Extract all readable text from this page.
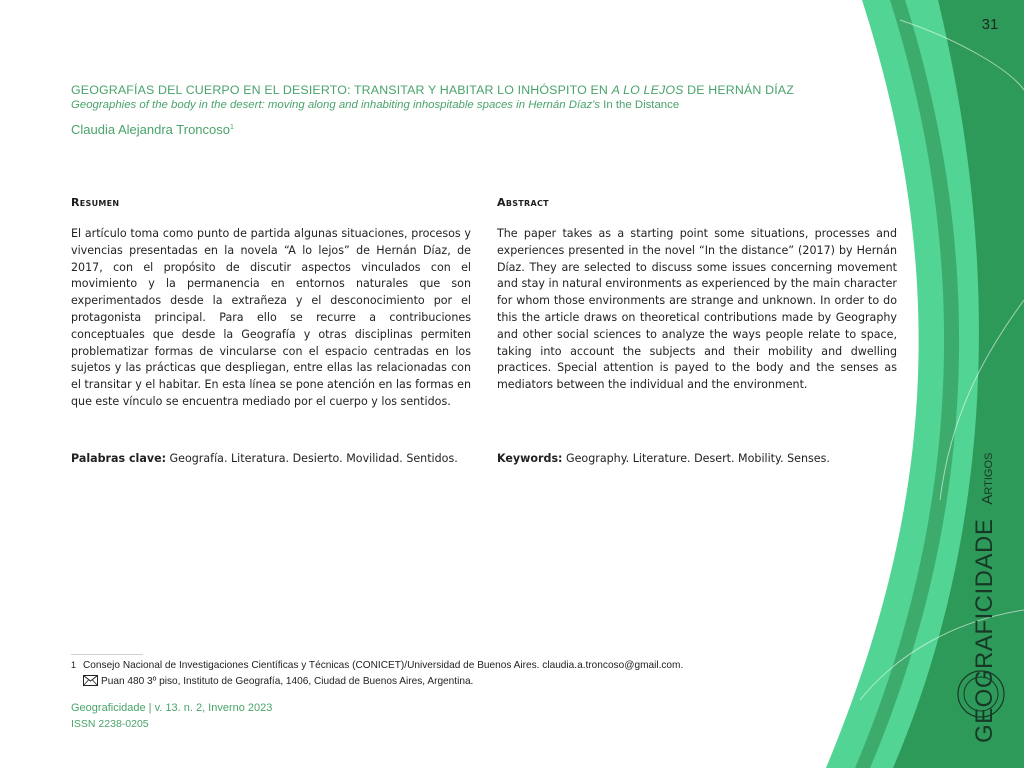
31
GEOGRAFÍAS DEL CUERPO EN EL DESIERTO: TRANSITAR Y HABITAR LO INHÓSPITO EN A LO LEJOS DE HERNÁN DÍAZ
Geographies of the body in the desert: moving along and inhabiting inhospitable spaces in Hernán Díaz's In the Distance
Claudia Alejandra Troncoso$^1$
Resumen
El artículo toma como punto de partida algunas situaciones, procesos y vivencias presentadas en la novela “A lo lejos” de Hernán Díaz, de 2017, con el propósito de discutir aspectos vinculados con el movimiento y la permanencia en entornos naturales que son experimentados desde la extrañeza y el desconocimiento por el protagonista principal. Para ello se recurre a contribuciones conceptuales que desde la Geografía y otras disciplinas permiten problematizar formas de vincularse con el espacio centradas en los sujetos y las prácticas que despliegan, entre ellas las relacionadas con el transitar y el habitar. En esta línea se pone atención en las formas en que este vínculo se encuentra mediado por el cuerpo y los sentidos.
Palabras clave: Geografía. Literatura. Desierto. Movilidad. Sentidos.
Abstract
The paper takes as a starting point some situations, processes and experiences presented in the novel “In the distance” (2017) by Hernán Díaz. They are selected to discuss some issues concerning movement and stay in natural environments as experienced by the main character for whom those environments are strange and unknown. In order to do this the article draws on theoretical contributions made by Geography and other social sciences to analyze the ways people relate to space, taking into account the subjects and their mobility and dwelling practices. Special attention is payed to the body and the senses as mediators between the individual and the environment.
Keywords: Geography. Literature. Desert. Mobility. Senses.
1 Consejo Nacional de Investigaciones Científicas y Técnicas (CONICET)/Universidad de Buenos Aires. claudia.a.troncoso@gmail.com.
Puan 480 3º piso, Instituto de Geografía, 1406, Ciudad de Buenos Aires, Argentina.
Geograficidade | v. 13. n. 2, Inverno 2023
ISSN 2238-0205	GEOGRAFICIDADEArtigos
